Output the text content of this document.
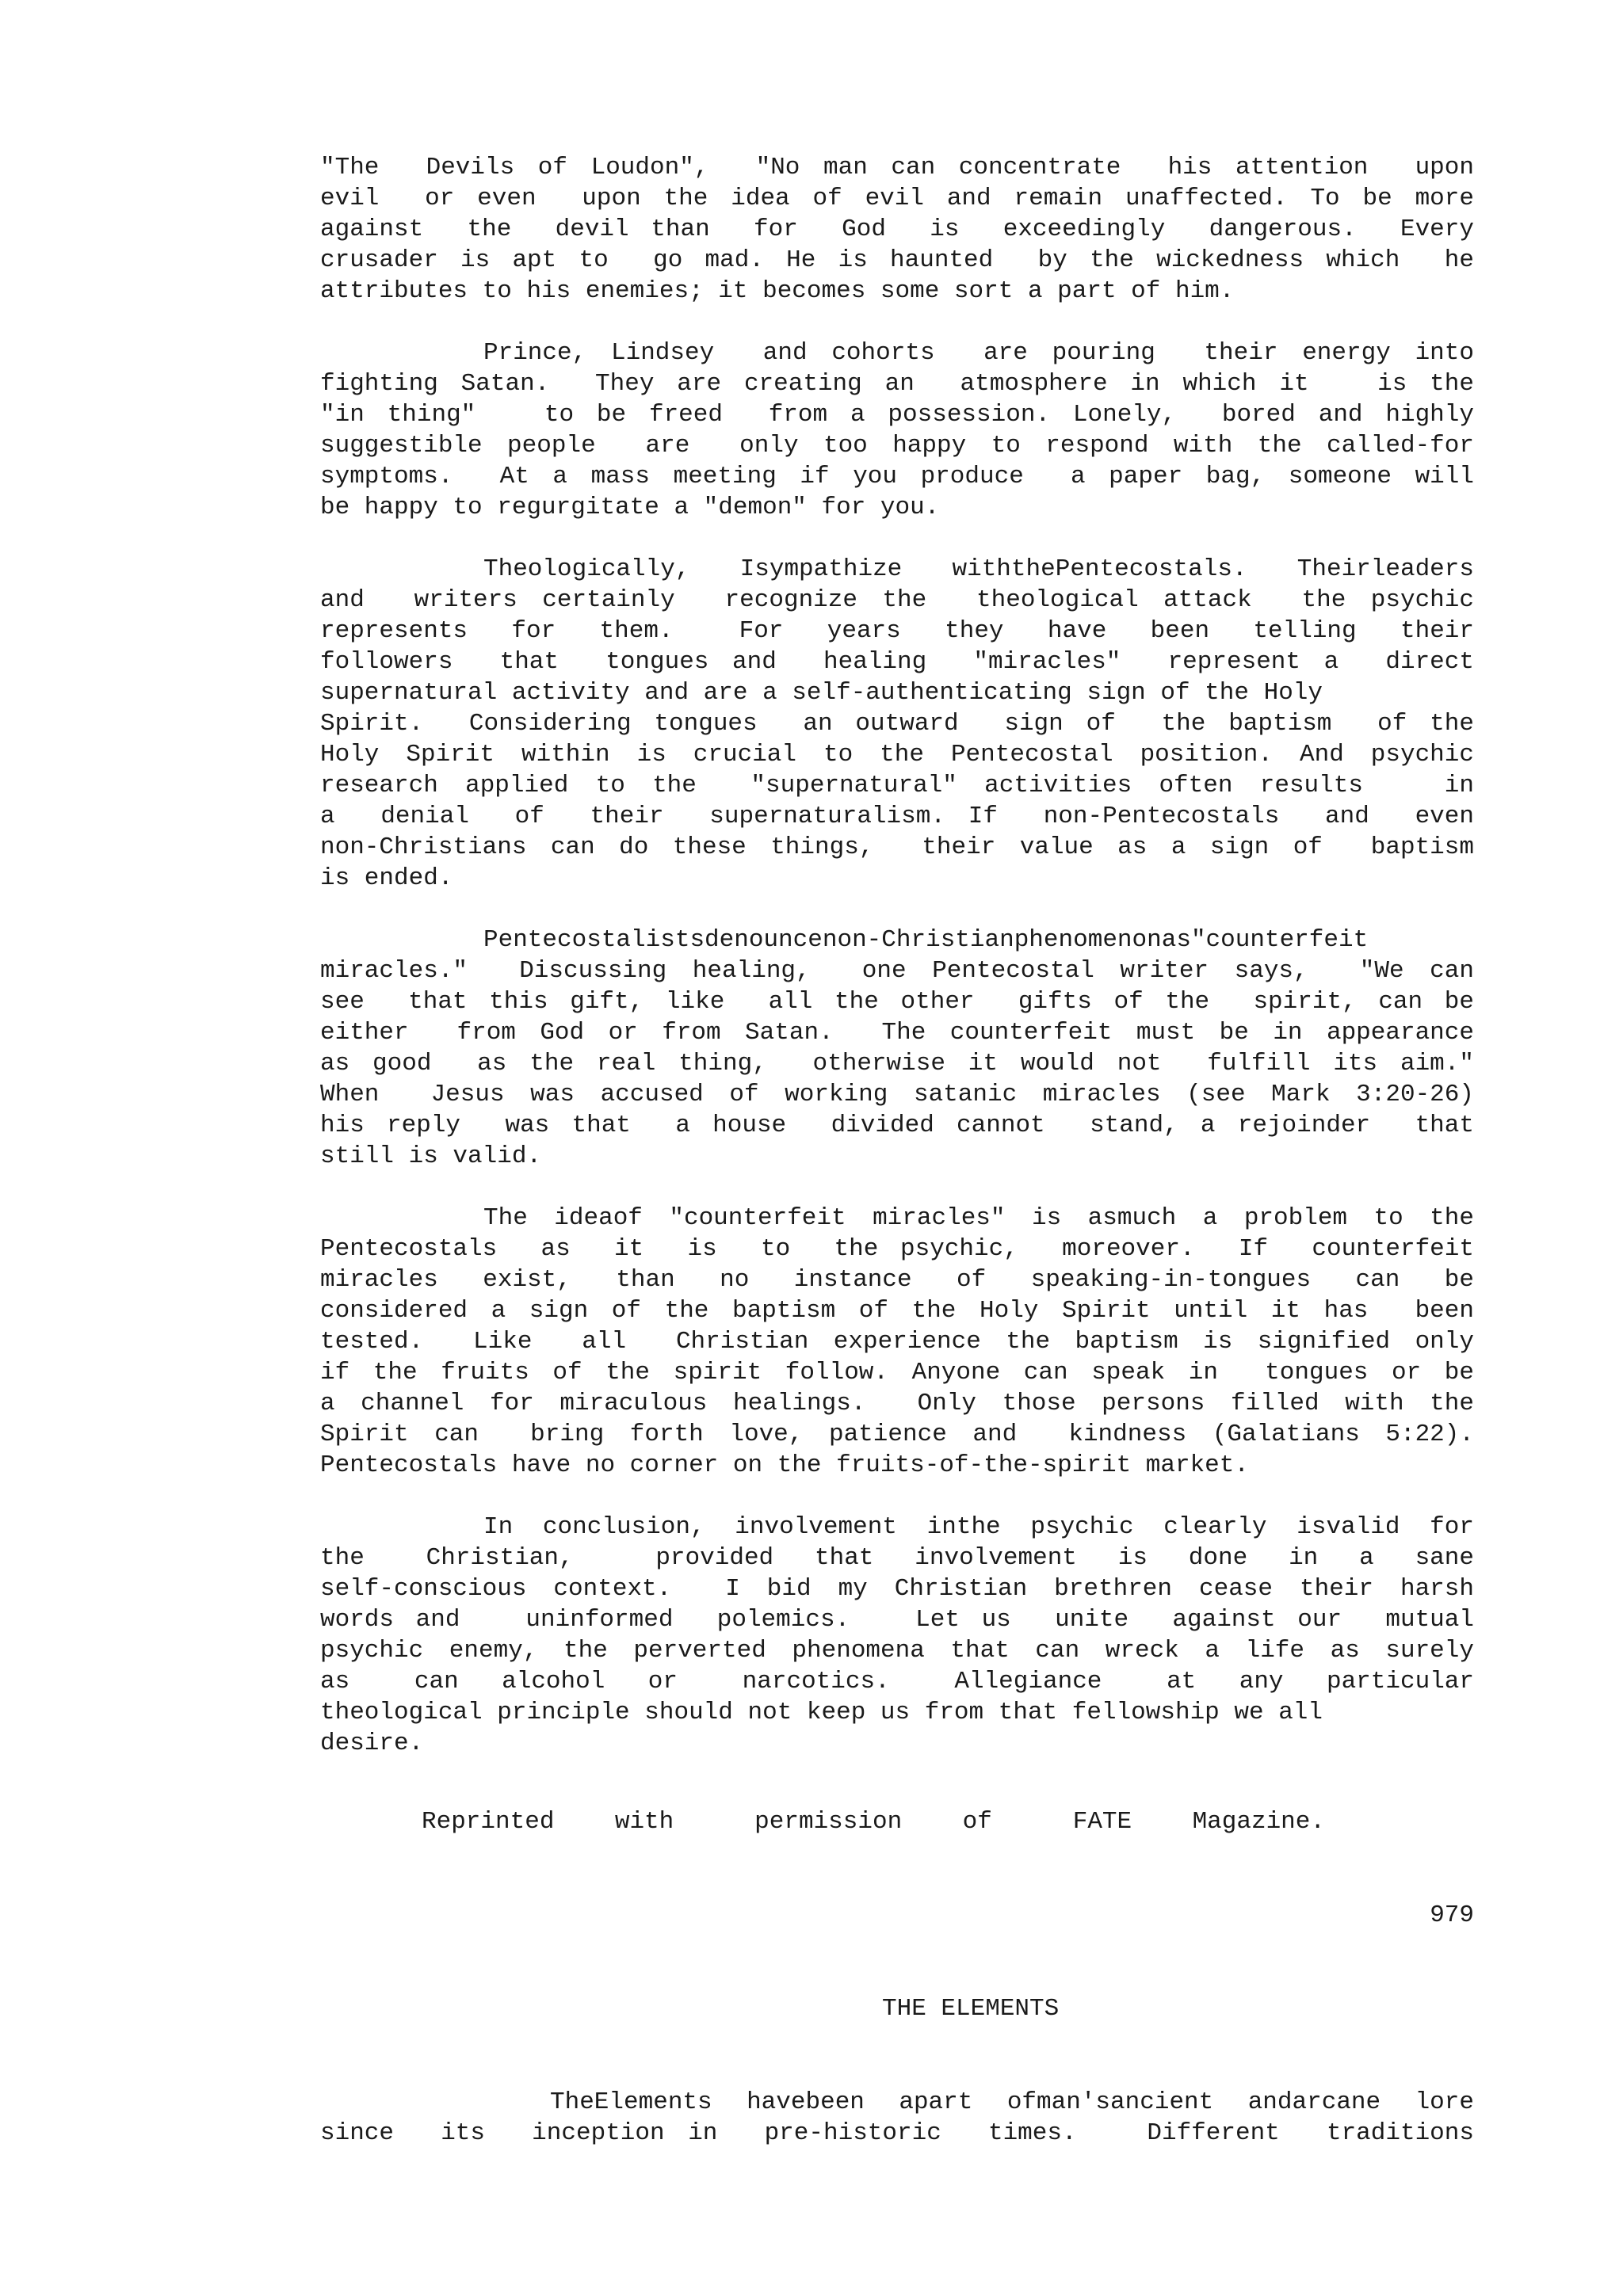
"The  Devils of Loudon",  "No man can concentrate  his attention  upon
evil  or even  upon the idea of evil and remain unaffected. To be more
against  the  devil than  for  God  is  exceedingly  dangerous.  Every
crusader is apt to  go mad. He is haunted  by the wickedness which  he
attributes to his enemies; it becomes some sort a part of him.
Prince, Lindsey  and cohorts  are pouring  their energy into
fighting Satan.  They are creating an  atmosphere in which it   is the
"in thing"   to be freed  from a possession. Lonely,  bored and highly
suggestible people  are  only too happy to respond with the called-for
symptoms.  At a mass meeting if you produce  a paper bag, someone will
be happy to regurgitate a "demon" for you.
Theologically, Isympathize withthePentecostals. Theirleaders
and  writers certainly  recognize the  theological attack  the psychic
represents  for  them.   For  years  they  have  been  telling  their
followers  that  tongues and  healing  "miracles"  represent a  direct
supernatural activity and are a self-authenticating sign of the Holy
Spirit.  Considering tongues  an outward  sign of  the baptism  of the
Holy Spirit within is crucial to the Pentecostal position. And psychic
research applied to the  "supernatural" activities often results   in
a  denial  of  their  supernaturalism. If  non-Pentecostals  and  even
non-Christians can do these things,  their value as a sign of  baptism
is ended.
Pentecostalistsdenouncenon-Christianphenomenonas"counterfeit
miracles."  Discussing healing,  one Pentecostal writer says,  "We can
see  that this gift, like  all the other  gifts of the  spirit, can be
either  from God or from Satan.  The counterfeit must be in appearance
as good  as the real thing,  otherwise it would not  fulfill its aim."
When  Jesus was accused of working satanic miracles (see Mark 3:20-26)
his reply  was that  a house  divided cannot  stand, a rejoinder  that
still is valid.
The ideaof "counterfeit miracles" is asmuch a problem to the
Pentecostals  as  it  is  to  the psychic,  moreover.  If  counterfeit
miracles  exist,  than  no  instance  of  speaking-in-tongues  can  be
considered a sign of the baptism of the Holy Spirit until it has  been
tested.  Like  all  Christian experience the baptism is signified only
if the fruits of the spirit follow. Anyone can speak in  tongues or be
a channel for miraculous healings.  Only those persons filled with the
Spirit can  bring forth love, patience and  kindness (Galatians 5:22).
Pentecostals have no corner on the fruits-of-the-spirit market.
In conclusion, involvement inthe psychic clearly isvalid for
the   Christian,    provided  that  involvement  is  done  in  a  sane
self-conscious context.  I bid my Christian brethren cease their harsh
words and   uninformed  polemics.   Let us  unite  against our  mutual
psychic enemy, the perverted phenomena that can wreck a life as surely
as   can  alcohol  or   narcotics.   Allegiance   at  any  particular
theological principle should not keep us from that fellowship we all
desire.
Reprinted   with    permission   of    FATE   Magazine.
979
THE ELEMENTS
TheElements havebeen apart ofman'sancient andarcane lore
since  its  inception in  pre-historic  times.   Different  traditions
